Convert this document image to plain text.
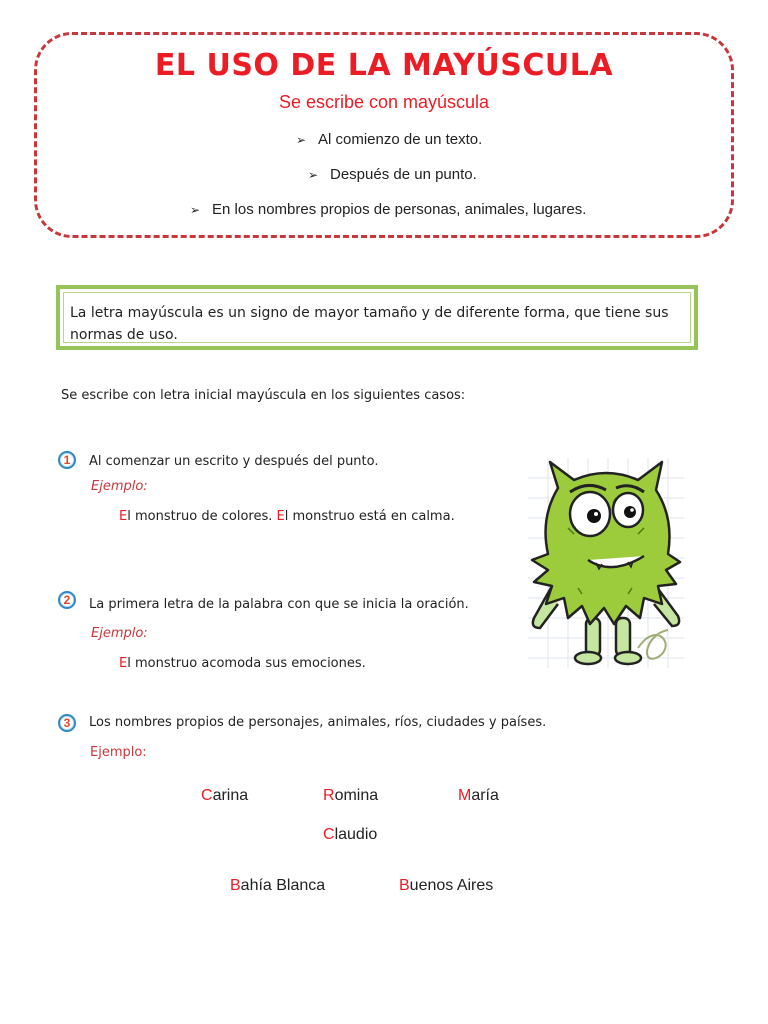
EL USO DE LA MAYÚSCULA
Se escribe con mayúscula
➢ Al comienzo de un texto.
➢ Después de un punto.
➢ En los nombres propios de personas, animales, lugares.
La letra mayúscula es un signo de mayor tamaño y de diferente forma, que tiene sus normas de uso.
Se escribe con letra inicial mayúscula en los siguientes casos:
1	Al comenzar un escrito y después del punto.
Ejemplo:
El monstruo de colores. El monstruo está en calma.
2	La primera letra de la palabra con que se inicia la oración.
Ejemplo:
El monstruo acomoda sus emociones.
3	Los nombres propios de personajes, animales, ríos, ciudades y países.
Ejemplo:
Carina	Romina	María
Claudio
Bahía Blanca	Buenos Aires
